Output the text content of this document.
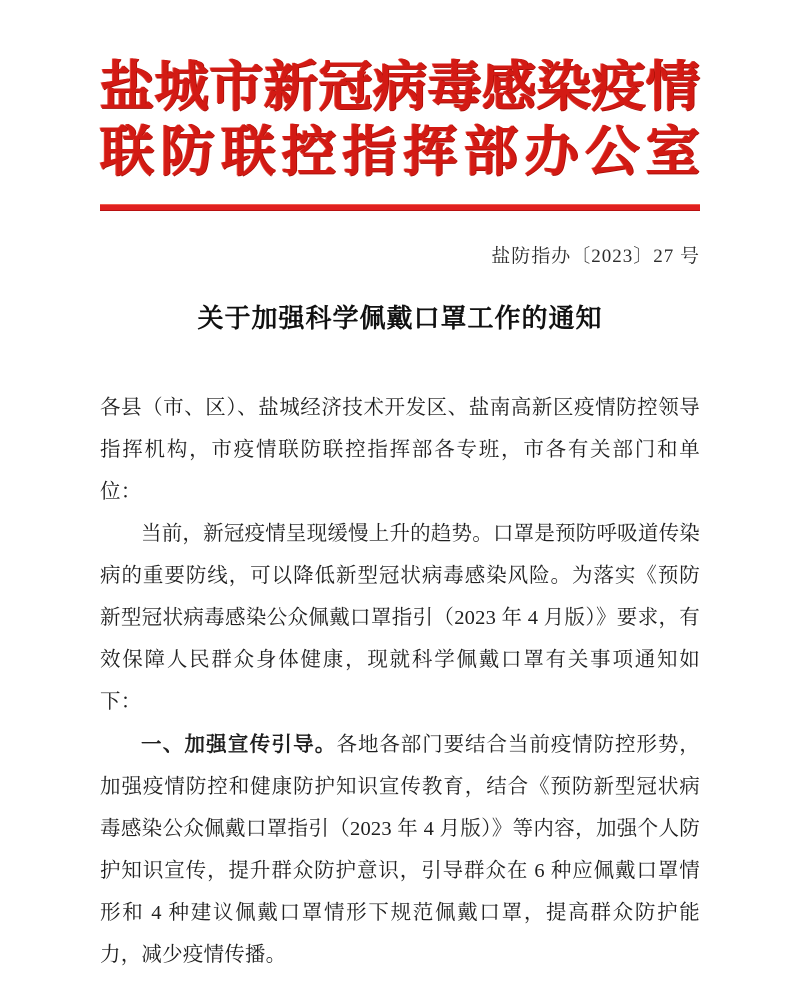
盐 城 市 新 冠 病 毒 感 染 疫 情
联 防 联 控 指 挥 部 办 公 室
盐防指办〔2023〕27 号
关于加强科学佩戴口罩工作的通知

各县（市、区）、盐城经济技术开发区、盐南高新区疫情防控领导指挥机构，市疫情联防联控指挥部各专班，市各有关部门和单位：

当前，新冠疫情呈现缓慢上升的趋势。口罩是预防呼吸道传染病的重要防线，可以降低新型冠状病毒感染风险。为落实《预防新型冠状病毒感染公众佩戴口罩指引（2023 年 4 月版）》要求，有效保障人民群众身体健康，现就科学佩戴口罩有关事项通知如下：

一、加强宣传引导。各地各部门要结合当前疫情防控形势，加强疫情防控和健康防护知识宣传教育，结合《预防新型冠状病毒感染公众佩戴口罩指引（2023 年 4 月版）》等内容，加强个人防护知识宣传，提升群众防护意识，引导群众在 6 种应佩戴口罩情形和 4 种建议佩戴口罩情形下规范佩戴口罩，提高群众防护能力，减少疫情传播。
